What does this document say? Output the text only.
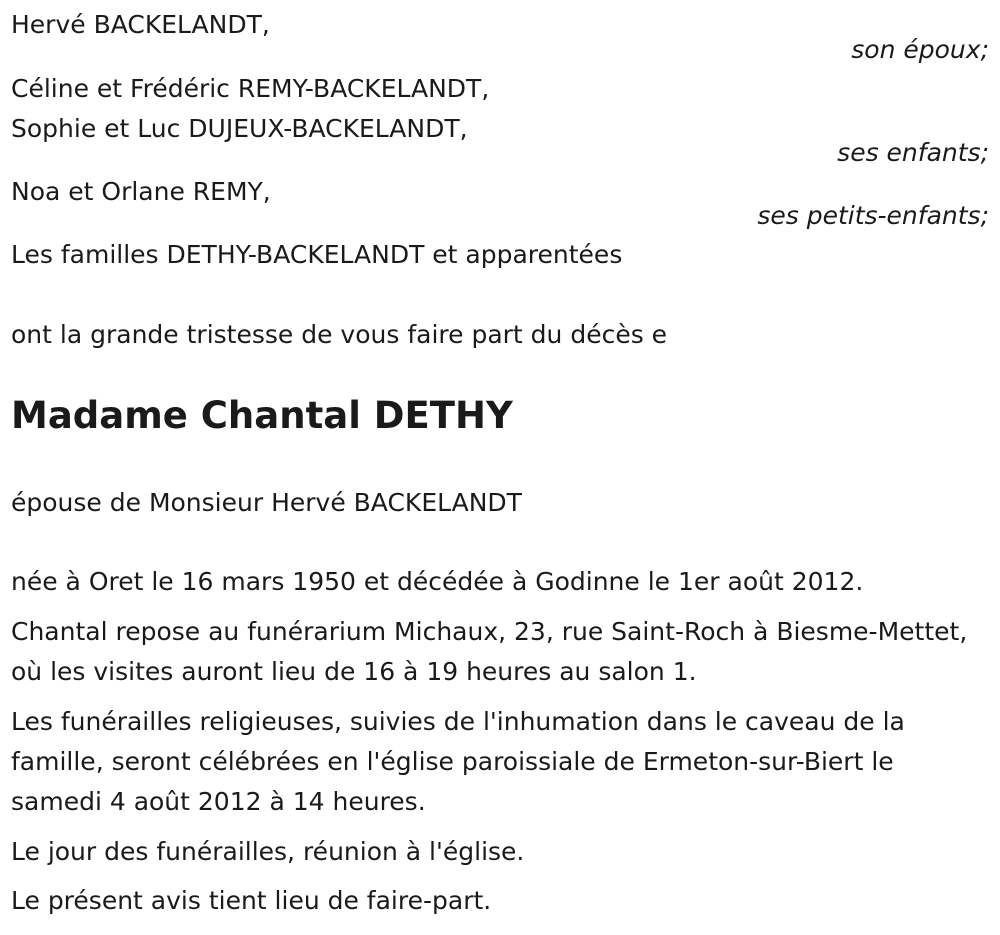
Hervé BACKELANDT,
son époux;
Céline et Frédéric REMY-BACKELANDT,
Sophie et Luc DUJEUX-BACKELANDT,
ses enfants;
Noa et Orlane REMY,
ses petits-enfants;
Les familles DETHY-BACKELANDT et apparentées
ont la grande tristesse de vous faire part du décès e
Madame Chantal DETHY
épouse de Monsieur Hervé BACKELANDT
née à Oret le 16 mars 1950 et décédée à Godinne le 1er août 2012.
Chantal repose au funérarium Michaux, 23, rue Saint-Roch à Biesme-Mettet, où les visites auront lieu de 16 à 19 heures au salon 1.
Les funérailles religieuses, suivies de l'inhumation dans le caveau de la famille, seront célébrées en l'église paroissiale de Ermeton-sur-Biert le samedi 4 août 2012 à 14 heures.
Le jour des funérailles, réunion à l'église.
Le présent avis tient lieu de faire-part.
